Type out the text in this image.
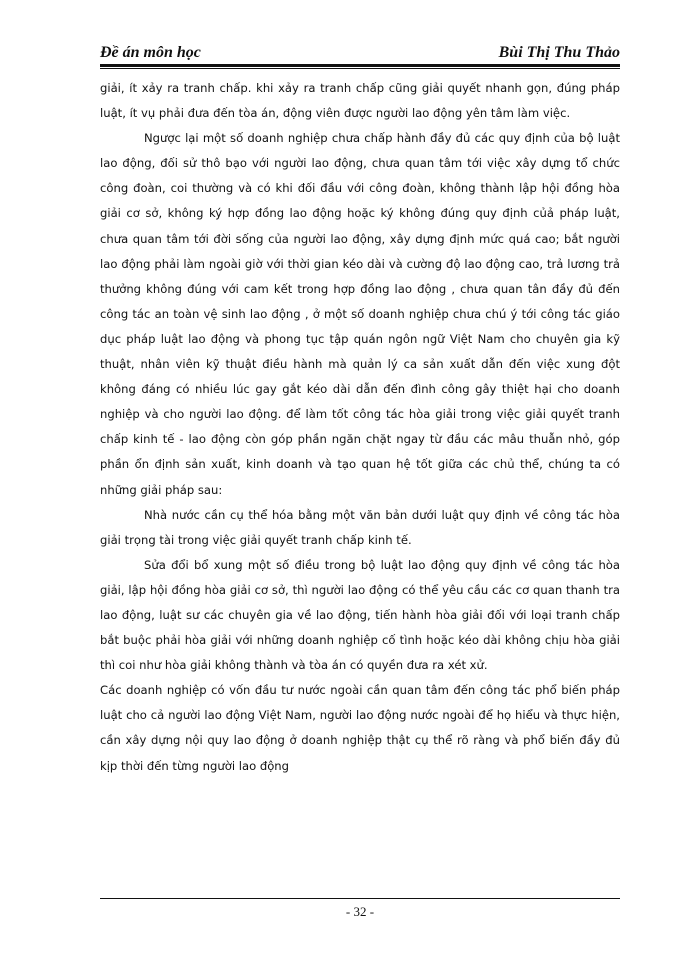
Đề án môn học	Bùi Thị Thu Thảo

giải, ít xảy ra tranh chấp. khi xảy ra tranh chấp cũng giải quyết nhanh gọn, đúng pháp luật, ít vụ phải đưa đến tòa án, động viên được người lao động yên tâm làm việc.

Ngược lại một số doanh nghiệp chưa chấp hành đầy đủ các quy định của bộ luật lao động, đối sử thô bạo với người lao động, chưa quan tâm tới việc xây dựng tổ chức công đoàn, coi thường và có khi đối đầu với công đoàn, không thành lập hội đồng hòa giải cơ sở, không ký hợp đồng lao động hoặc ký không đúng quy định củả pháp luật, chưa quan tâm tới đời sống của người lao động, xây dựng định mức quá cao; bắt người lao động phải làm ngoài giờ với thời gian kéo dài và cường độ lao động cao, trả lương trả thưởng không đúng với cam kết trong hợp đồng lao động , chưa quan tân đầy đủ đến công tác an toàn vệ sinh lao động , ở một số doanh nghiệp chưa chú ý tới công tác giáo dục pháp luật lao động và phong tục tập quán ngôn ngữ Việt Nam cho chuyên gia kỹ thuật, nhân viên kỹ thuật điều hành mà quản lý ca sản xuất dẫn đến việc xung đột không đáng có nhiều lúc gay gắt kéo dài dẫn đến đình công gây thiệt hại cho doanh nghiệp và cho người lao động. để làm tốt công tác hòa giải trong việc giải quyết tranh chấp kinh tế - lao động còn góp phần ngăn chặt ngay từ đầu các mâu thuẫn nhỏ, góp phần ổn định sản xuất, kinh doanh và tạo quan hệ tốt giữa các chủ thể, chúng ta có những giải pháp sau:

Nhà nước cần cụ thể hóa bằng một văn bản dưới luật quy định về công tác hòa giải trọng tài trong việc giải quyết tranh chấp kinh tế.

Sửa đổi bổ xung một số điều trong bộ luật lao động quy định về công tác hòa giải, lập hội đồng hòa giải cơ sở, thì người lao động có thể yêu cầu các cơ quan thanh tra lao động, luật sư các chuyên gia về lao động, tiến hành hòa giải đối với loại tranh chấp bắt buộc phải hòa giải với những doanh nghiệp cố tình hoặc kéo dài không chịu hòa giải thì coi như hòa giải không thành và tòa án có quyền đưa ra xét xử.

Các doanh nghiệp có vốn đầu tư nước ngoài cần quan tâm đến công tác phổ biến pháp luật cho cả người lao động Việt Nam, người lao động nước ngoài để họ hiểu và thực hiện, cần xây dựng nội quy lao động ở doanh nghiệp thật cụ thể rõ ràng và phổ biến đầy đủ kịp thời đến từng người lao động

- 32 -
